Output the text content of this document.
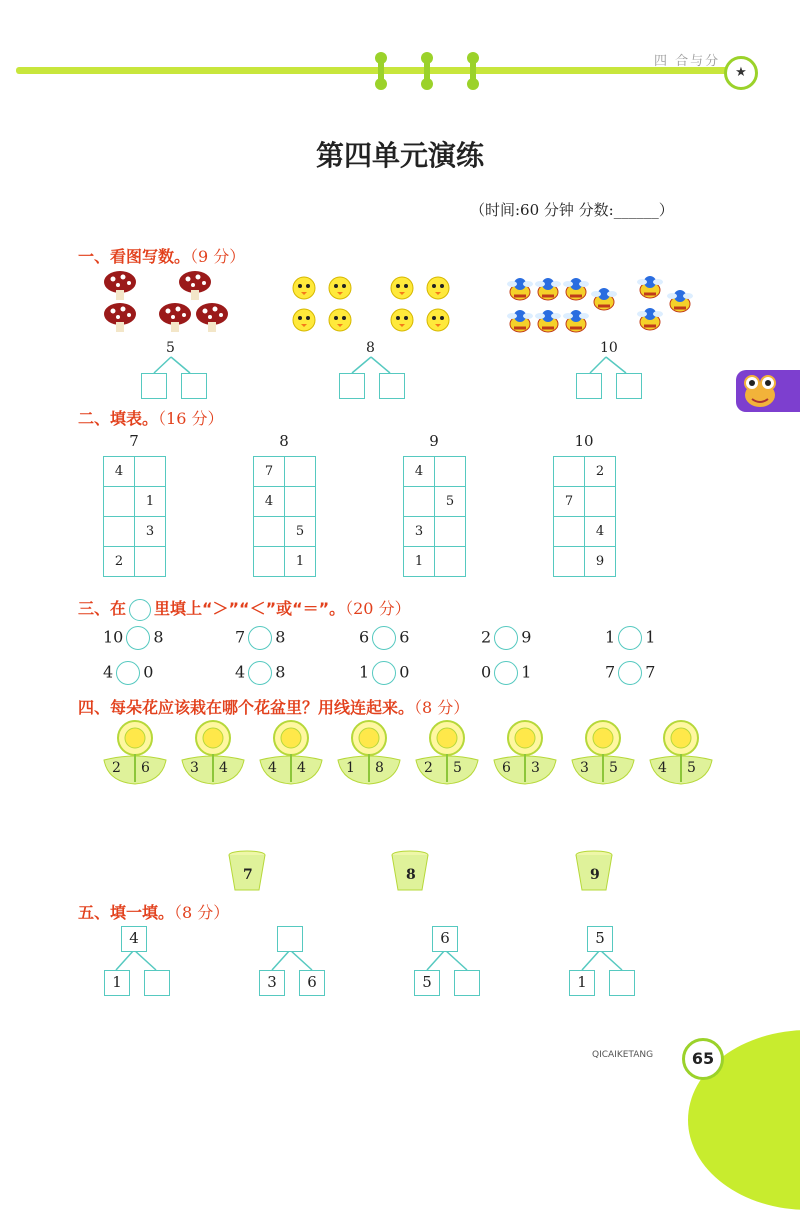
四 合与分
★
第四单元演练
（时间:60 分钟 分数:______）
一、看图写数。（9 分）
5	8	10
二、填表。（16 分）
7
4	
	1
	3
2	
8
7	
4	
	5
	1
9
4	
	5
3	
1	
10
	2
7	
	4
	9
三、在 里填上“＞”“＜”或“＝”。（20 分）
10 8	7 8	6 6	2 9	1 1
4 0	4 8	1 0	0 1	7 7
四、每朵花应该栽在哪个花盆里？用线连起来。（8 分）
2 6	3 4	4 4	1 8	2 5	6 3	3 5	4 5
7	8	9
五、填一填。（8 分）
4
1	3	6
6
5
5
1
QICAIKETANG	65
